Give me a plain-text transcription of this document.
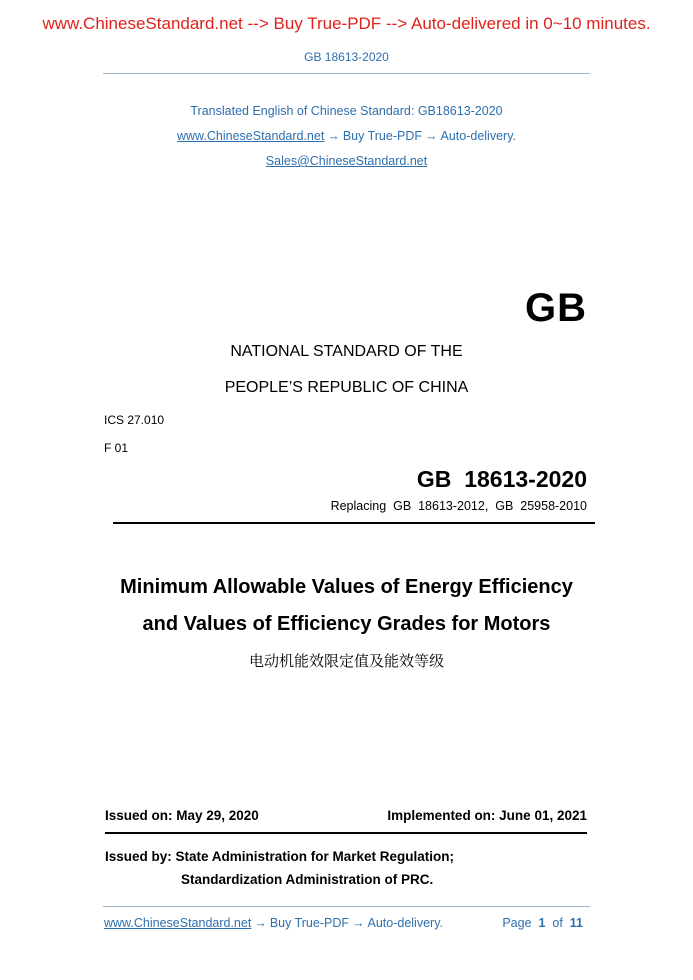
www.ChineseStandard.net --> Buy True-PDF --> Auto-delivered in 0~10 minutes.
GB 18613-2020
Translated English of Chinese Standard: GB18613-2020
www.ChineseStandard.net → Buy True-PDF → Auto-delivery.
Sales@ChineseStandard.net
GB
NATIONAL STANDARD OF THE
PEOPLE’S REPUBLIC OF CHINA
ICS 27.010
F 01
GB 18613-2020
Replacing  GB  18613-2012,  GB  25958-2010
Minimum Allowable Values of Energy Efficiency
and Values of Efficiency Grades for Motors
电动机能效限定值及能效等级
Issued on: May 29, 2020	Implemented on: June 01, 2021
Issued by: State Administration for Market Regulation;
Standardization Administration of PRC.
www.ChineseStandard.net → Buy True-PDF → Auto-delivery.	Page 1 of 11
